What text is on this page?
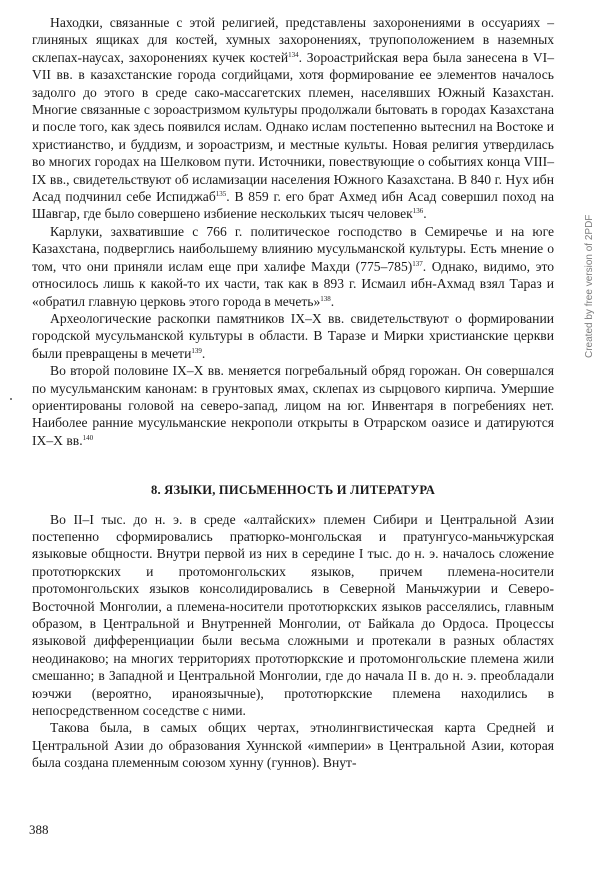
Находки, связанные с этой религией, представлены захоронениями в оссуариях – глиняных ящиках для костей, хумных захоронениях, трупоположением в наземных склепах-наусах, захоронениях кучек костей$^{134}$. Зороастрийская вера была занесена в VI–VII вв. в казахстанские города согдийцами, хотя формирование ее элементов началось задолго до этого в среде сако-массагетских племен, населявших Южный Казахстан. Многие связанные с зороастризмом культуры продолжали бытовать в городах Казахстана и после того, как здесь появился ислам. Однако ислам постепенно вытеснил на Востоке и христианство, и буддизм, и зороастризм, и местные культы. Новая религия утвердилась во многих городах на Шелковом пути. Источники, повествующие о событиях конца VIII–IX вв., свидетельствуют об исламизации населения Южного Казахстана. В 840 г. Нух ибн Асад подчинил себе Испиджаб$^{135}$. В 859 г. его брат Ахмед ибн Асад совершил поход на Шавгар, где было совершено избиение нескольких тысяч человек$^{136}$.

Карлуки, захватившие с 766 г. политическое господство в Семиречье и на юге Казахстана, подверглись наибольшему влиянию мусульманской культуры. Есть мнение о том, что они приняли ислам еще при халифе Махди $(775-785)^{137}$. Однако, видимо, это относилось лишь к какой-то их части, так как в 893 г. Исмаил ибн-Ахмад взял Тараз и «обратил главную церковь этого города в мечеть»$^{138}$.

Археологические раскопки памятников IX–X вв. свидетельствуют о формировании городской мусульманской культуры в области. В Таразе и Мирки христианские церкви были превращены в мечети$^{139}$.

Во второй половине IX–X вв. меняется погребальный обряд горожан. Он совершался по мусульманским канонам: в грунтовых ямах, склепах из сырцового кирпича. Умершие ориентированы головой на северо-запад, лицом на юг. Инвентаря в погребениях нет. Наиболее ранние мусульманские некрополи открыты в Отрарском оазисе и датируются IX–X вв.$^{140}$

8. ЯЗЫКИ, ПИСЬМЕННОСТЬ И ЛИТЕРАТУРА

Во II–I тыс. до н. э. в среде «алтайских» племен Сибири и Центральной Азии постепенно сформировались пратюрко-монгольская и пратунгусо-маньчжурская языковые общности. Внутри первой из них в середине I тыс. до н. э. началось сложение прототюркских и протомонгольских языков, причем племена-носители протомонгольских языков консолидировались в Северной Маньчжурии и Северо-Восточной Монголии, а племена-носители прототюркских языков расселялись, главным образом, в Центральной и Внутренней Монголии, от Байкала до Ордоса. Процессы языковой дифференциации были весьма сложными и протекали в разных областях неодинаково; на многих территориях прототюркские и протомонгольские племена жили смешанно; в Западной и Центральной Монголии, где до начала II в. до н. э. преобладали юэчжи (вероятно, ираноязычные), прототюркские племена находились в непосредственном соседстве с ними.

Такова была, в самых общих чертах, этнолингвистическая карта Средней и Центральной Азии до образования Хуннской «империи» в Центральной Азии, которая была создана племенным союзом хунну (гуннов). Внут-

388
Created by free version of 2PDF
